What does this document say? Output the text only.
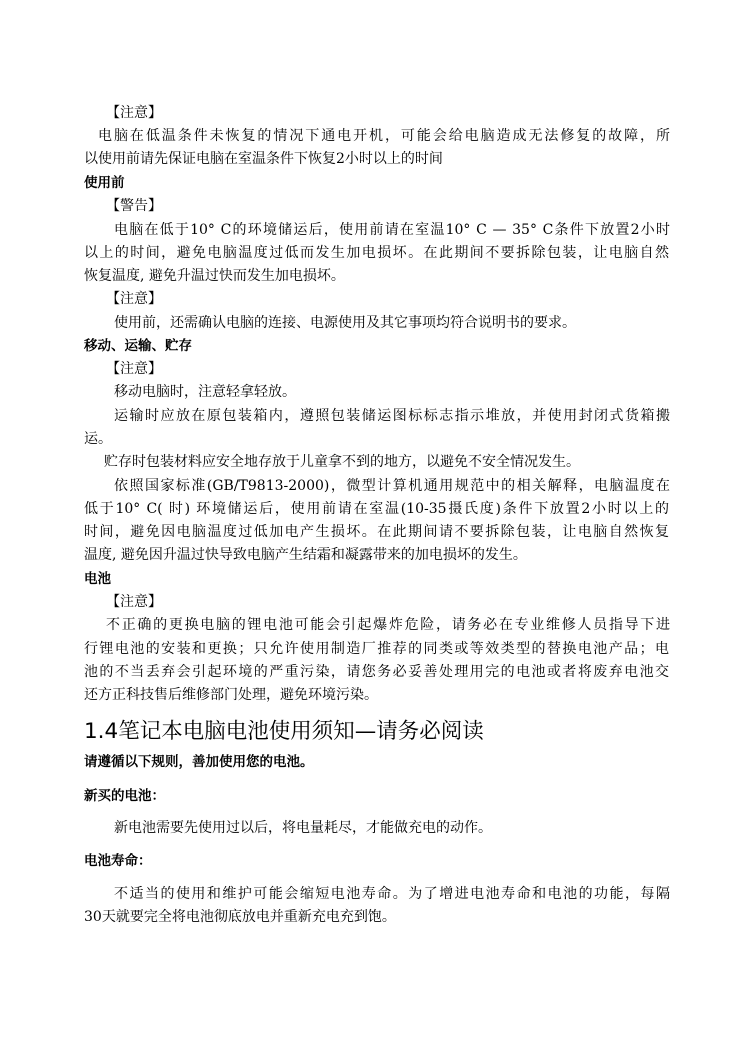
【注意】
电脑在低温条件未恢复的情况下通电开机，可能会给电脑造成无法修复的故障，所
以使用前请先保证电脑在室温条件下恢复2小时以上的时间
使用前
【警告】
电脑在低于10° C的环境储运后，使用前请在室温10° C — 35° C条件下放置2小时
以上的时间，避免电脑温度过低而发生加电损坏。在此期间不要拆除包装，让电脑自然
恢复温度, 避免升温过快而发生加电损坏。
【注意】
使用前，还需确认电脑的连接、电源使用及其它事项均符合说明书的要求。
移动、运输、贮存
【注意】
移动电脑时，注意轻拿轻放。
运输时应放在原包装箱内，遵照包装储运图标标志指示堆放，并使用封闭式货箱搬
运。
贮存时包装材料应安全地存放于儿童拿不到的地方，以避免不安全情况发生。
依照国家标准(GB/T9813-2000)，微型计算机通用规范中的相关解释，电脑温度在
低于10° C( 时) 环境储运后，使用前请在室温(10-35摄氏度)条件下放置2小时以上的
时间，避免因电脑温度过低加电产生损坏。在此期间请不要拆除包装，让电脑自然恢复
温度, 避免因升温过快导致电脑产生结霜和凝露带来的加电损坏的发生。
电池
【注意】
不正确的更换电脑的锂电池可能会引起爆炸危险，请务必在专业维修人员指导下进
行锂电池的安装和更换；只允许使用制造厂推荐的同类或等效类型的替换电池产品；电
池的不当丢弃会引起环境的严重污染，请您务必妥善处理用完的电池或者将废弃电池交
还方正科技售后维修部门处理，避免环境污染。
1.4笔记本电脑电池使用须知—请务必阅读
请遵循以下规则，善加使用您的电池。
新买的电池：
新电池需要先使用过以后，将电量耗尽，才能做充电的动作。
电池寿命：
不适当的使用和维护可能会缩短电池寿命。为了增进电池寿命和电池的功能，每隔
30天就要完全将电池彻底放电并重新充电充到饱。
